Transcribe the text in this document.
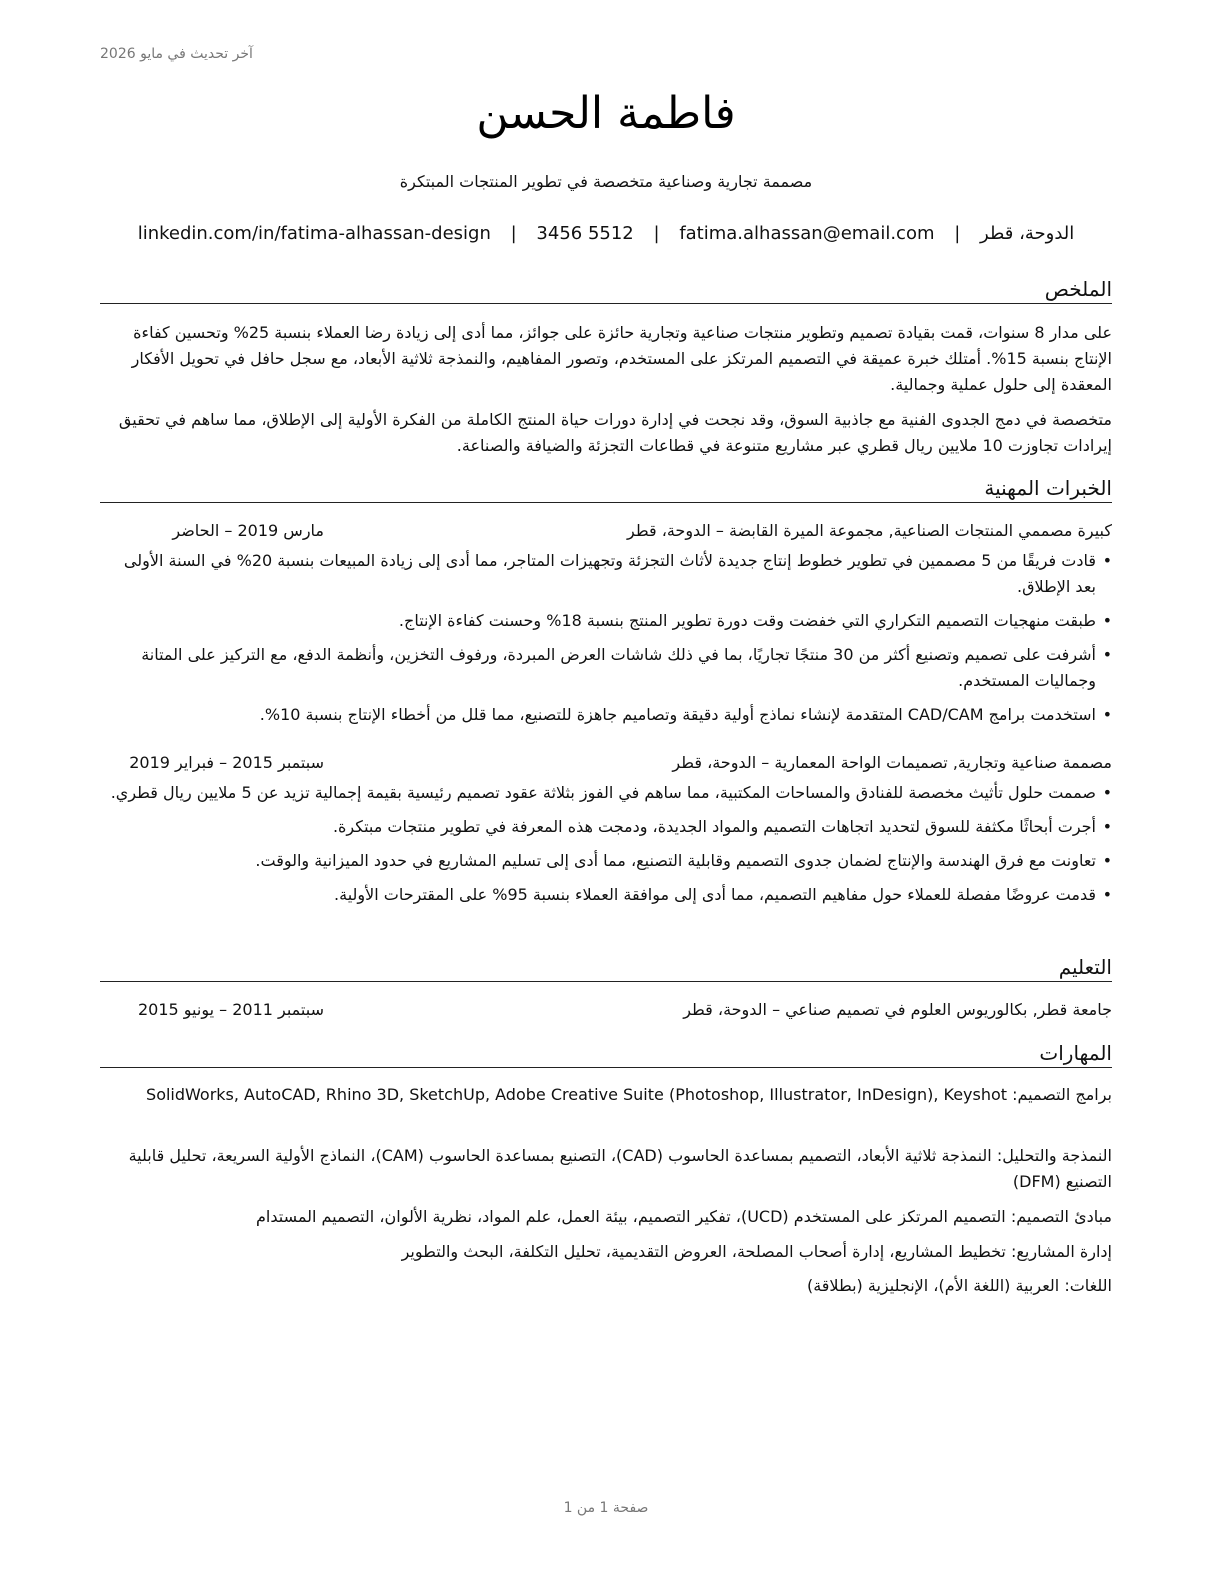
آخر تحديث في مايو 2026
فاطمة الحسن
مصممة تجارية وصناعية متخصصة في تطوير المنتجات المبتكرة
الدوحة، قطر | fatima.alhassan@email.com | 3456 5512 | linkedin.com/in/fatima-alhassan-design
الملخص

على مدار 8 سنوات، قمت بقيادة تصميم وتطوير منتجات صناعية وتجارية حائزة على جوائز، مما أدى إلى زيادة رضا العملاء بنسبة 25% وتحسين كفاءة الإنتاج بنسبة 15%. أمتلك خبرة عميقة في التصميم المرتكز على المستخدم، وتصور المفاهيم، والنمذجة ثلاثية الأبعاد، مع سجل حافل في تحويل الأفكار المعقدة إلى حلول عملية وجمالية.

متخصصة في دمج الجدوى الفنية مع جاذبية السوق، وقد نجحت في إدارة دورات حياة المنتج الكاملة من الفكرة الأولية إلى الإطلاق، مما ساهم في تحقيق إيرادات تجاوزت 10 ملايين ريال قطري عبر مشاريع متنوعة في قطاعات التجزئة والضيافة والصناعة.

الخبرات المهنية
كبيرة مصممي المنتجات الصناعية, مجموعة الميرة القابضة – الدوحة، قطر
مارس 2019 – الحاضر
• قادت فريقًا من 5 مصممين في تطوير خطوط إنتاج جديدة لأثاث التجزئة وتجهيزات المتاجر، مما أدى إلى زيادة المبيعات بنسبة 20% في السنة الأولى بعد الإطلاق.
• طبقت منهجيات التصميم التكراري التي خفضت وقت دورة تطوير المنتج بنسبة 18% وحسنت كفاءة الإنتاج.
• أشرفت على تصميم وتصنيع أكثر من 30 منتجًا تجاريًا، بما في ذلك شاشات العرض المبردة، ورفوف التخزين، وأنظمة الدفع، مع التركيز على المتانة وجماليات المستخدم.
• استخدمت برامج CAD/CAM المتقدمة لإنشاء نماذج أولية دقيقة وتصاميم جاهزة للتصنيع، مما قلل من أخطاء الإنتاج بنسبة 10%.
مصممة صناعية وتجارية, تصميمات الواحة المعمارية – الدوحة، قطر
سبتمبر 2015 – فبراير 2019
• صممت حلول تأثيث مخصصة للفنادق والمساحات المكتبية، مما ساهم في الفوز بثلاثة عقود تصميم رئيسية بقيمة إجمالية تزيد عن 5 ملايين ريال قطري.
• أجرت أبحاثًا مكثفة للسوق لتحديد اتجاهات التصميم والمواد الجديدة، ودمجت هذه المعرفة في تطوير منتجات مبتكرة.
• تعاونت مع فرق الهندسة والإنتاج لضمان جدوى التصميم وقابلية التصنيع، مما أدى إلى تسليم المشاريع في حدود الميزانية والوقت.
• قدمت عروضًا مفصلة للعملاء حول مفاهيم التصميم، مما أدى إلى موافقة العملاء بنسبة 95% على المقترحات الأولية.
التعليم
جامعة قطر, بكالوريوس العلوم في تصميم صناعي – الدوحة، قطر
سبتمبر 2011 – يونيو 2015
المهارات

برامج التصميم: SolidWorks, AutoCAD, Rhino 3D, SketchUp, Adobe Creative Suite (Photoshop, Illustrator, InDesign), Keyshot

النمذجة والتحليل: النمذجة ثلاثية الأبعاد، التصميم بمساعدة الحاسوب (CAD)، التصنيع بمساعدة الحاسوب (CAM)، النماذج الأولية السريعة، تحليل قابلية التصنيع (DFM)

مبادئ التصميم: التصميم المرتكز على المستخدم (UCD)، تفكير التصميم، بيئة العمل، علم المواد، نظرية الألوان، التصميم المستدام

إدارة المشاريع: تخطيط المشاريع، إدارة أصحاب المصلحة، العروض التقديمية، تحليل التكلفة، البحث والتطوير

اللغات: العربية (اللغة الأم)، الإنجليزية (بطلاقة)

صفحة 1 من 1
